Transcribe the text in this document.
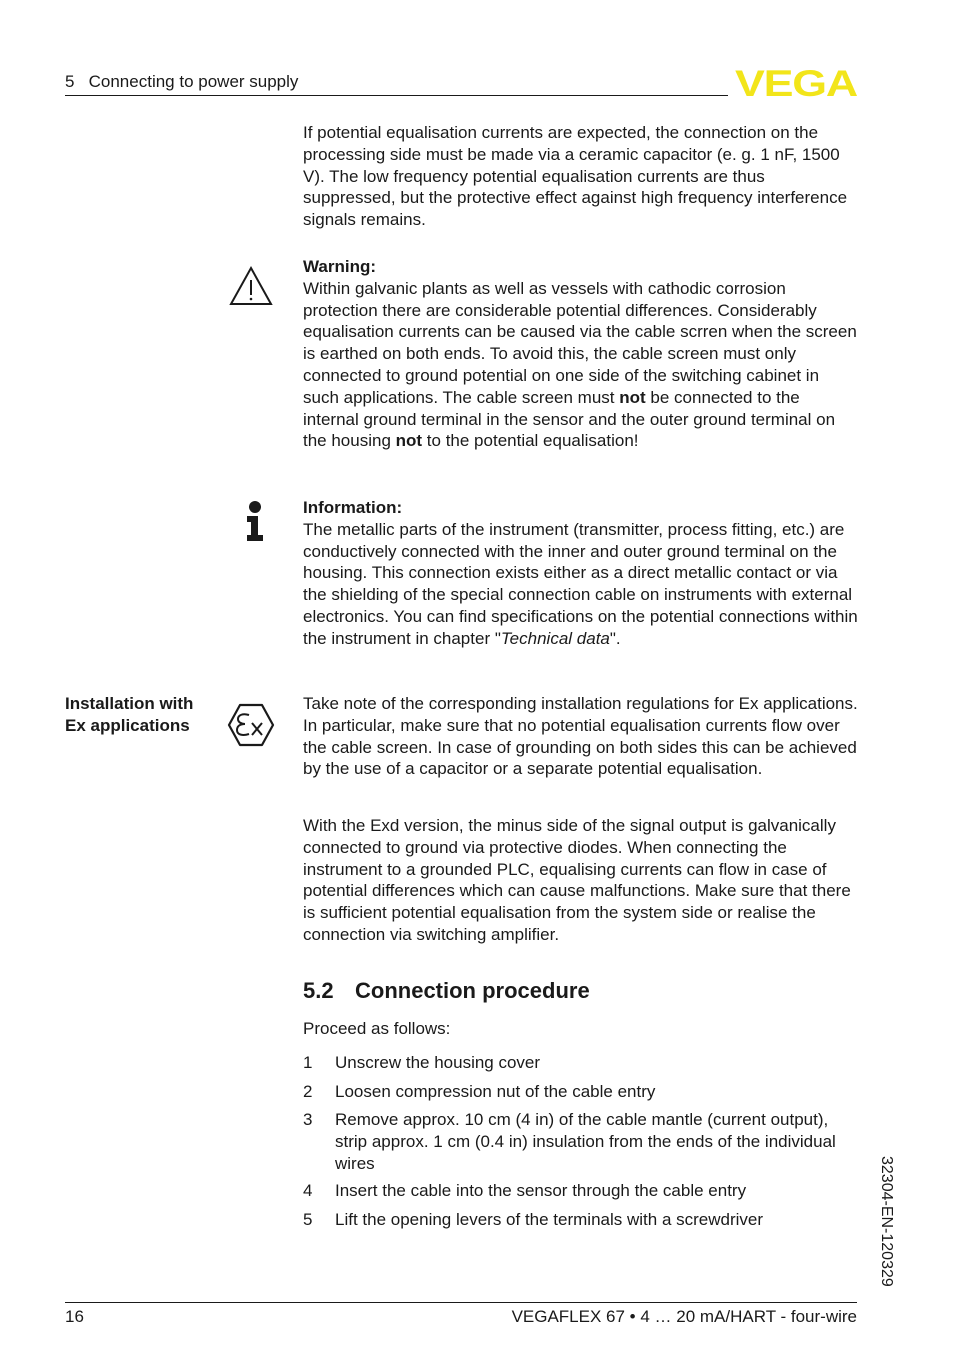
5   Connecting to power supply	VEGA

If potential equalisation currents are expected, the connection on the processing side must be made via a ceramic capacitor (e. g. 1 nF, 1500 V). The low frequency potential equalisation currents are thus suppressed, but the protective effect against high frequency interference signals remains.

Warning:

Within galvanic plants as well as vessels with cathodic corrosion protection there are considerable potential differences. Considerably equalisation currents can be caused via the cable scrren when the screen is earthed on both ends. To avoid this, the cable screen must only connected to ground potential on one side of the switching cabinet in such applications. The cable screen must not be connected to the internal ground terminal in the sensor and the outer ground terminal on the housing not to the potential equalisation!

Information:

The metallic parts of the instrument (transmitter, process fitting, etc.) are conductively connected with the inner and outer ground terminal on the housing. This connection exists either as a direct metallic contact or via the shielding of the special connection cable on instruments with external electronics. You can find specifications on the potential connections within the instrument in chapter "Technical data".

Installation with
Ex applications

Take note of the corresponding installation regulations for Ex applications. In particular, make sure that no potential equalisation currents flow over the cable screen. In case of grounding on both sides this can be achieved by the use of a capacitor or a separate potential equalisation.

With the Exd version, the minus side of the signal output is galvanically connected to ground via protective diodes. When connecting the instrument to a grounded PLC, equalising currents can flow in case of potential differences which can cause malfunctions. Make sure that there is sufficient potential equalisation from the system side or realise the connection via switching amplifier.

5.2 Connection procedure

Proceed as follows:

1	Unscrew the housing cover
2	Loosen compression nut of the cable entry
3	Remove approx. 10 cm (4 in) of the cable mantle (current output), strip approx. 1 cm (0.4 in) insulation from the ends of the individual wires
4	Insert the cable into the sensor through the cable entry
5	Lift the opening levers of the terminals with a screwdriver	32304-EN-120329
16	VEGAFLEX 67 • 4 … 20 mA/HART - four-wire
